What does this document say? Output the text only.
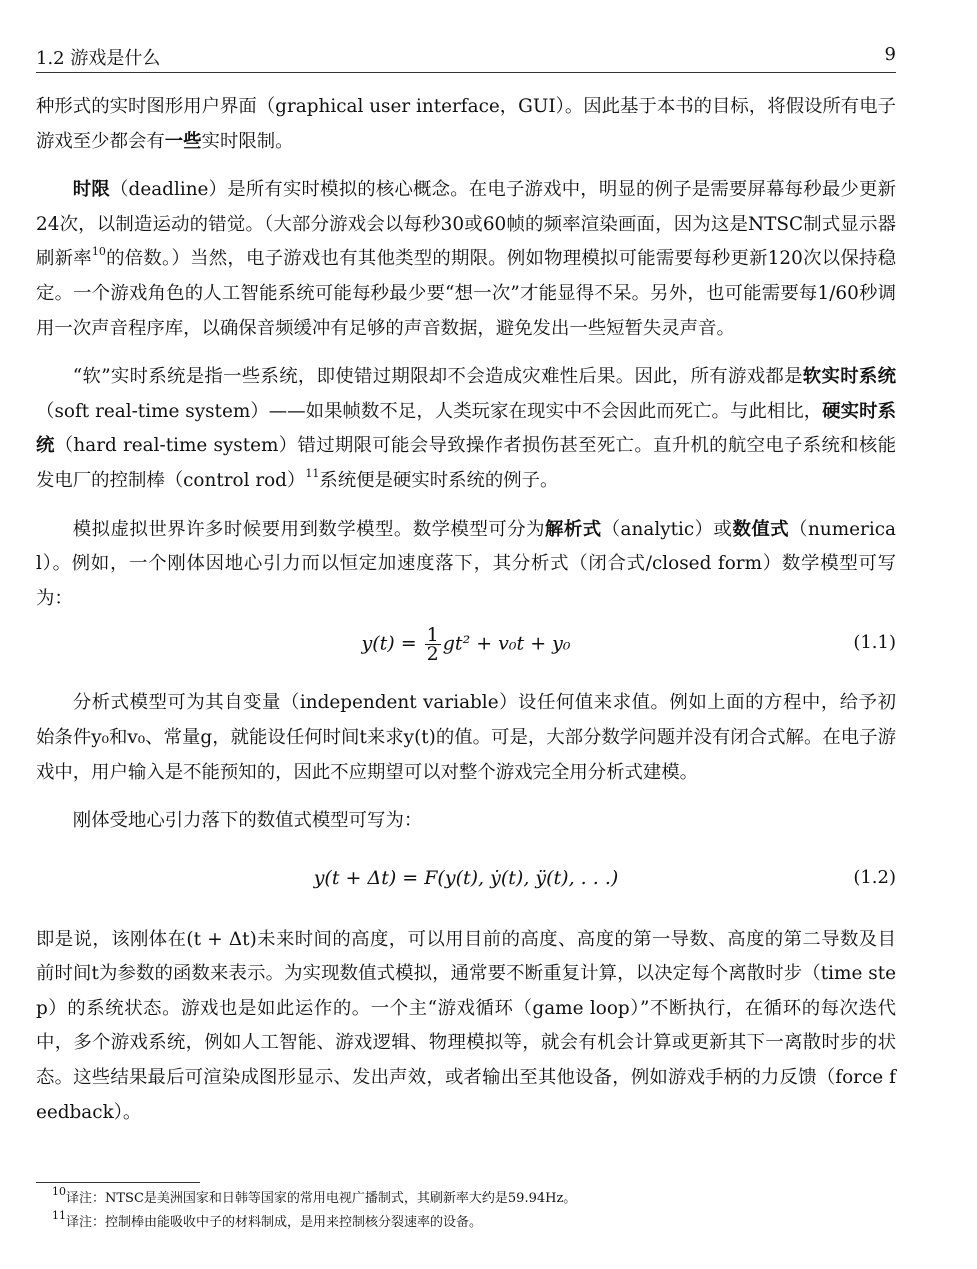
1.2 游戏是什么	9

种形式的实时图形用户界面（graphical user interface，GUI）。因此基于本书的目标，将假设所有电子游戏至少都会有一些实时限制。

时限（deadline）是所有实时模拟的核心概念。在电子游戏中，明显的例子是需要屏幕每秒最少更新24次，以制造运动的错觉。（大部分游戏会以每秒30或60帧的频率渲染画面，因为这是NTSC制式显示器刷新率$^{10}$的倍数。）当然，电子游戏也有其他类型的期限。例如物理模拟可能需要每秒更新120次以保持稳定。一个游戏角色的人工智能系统可能每秒最少要“想一次”才能显得不呆。另外，也可能需要每1/60秒调用一次声音程序库，以确保音频缓冲有足够的声音数据，避免发出一些短暂失灵声音。

“软”实时系统是指一些系统，即使错过期限却不会造成灾难性后果。因此，所有游戏都是软实时系统（soft real-time system）——如果帧数不足，人类玩家在现实中不会因此而死亡。与此相比，硬实时系统（hard real-time system）错过期限可能会导致操作者损伤甚至死亡。直升机的航空电子系统和核能发电厂的控制棒（control rod）$^{11}$系统便是硬实时系统的例子。

模拟虚拟世界许多时候要用到数学模型。数学模型可分为解析式（analytic）或数值式（numerical）。例如，一个刚体因地心引力而以恒定加速度落下，其分析式（闭合式/closed form）数学模型可写为：

$y(t) = \frac{1}{2} gt^2 + v_0t + y_0$	(1.1)

分析式模型可为其自变量（independent variable）设任何值来求值。例如上面的方程中，给予初始条件y₀和v₀、常量g，就能设任何时间t来求y(t)的值。可是，大部分数学问题并没有闭合式解。在电子游戏中，用户输入是不能预知的，因此不应期望可以对整个游戏完全用分析式建模。

刚体受地心引力落下的数值式模型可写为：

y(t + Δt) = F(y(t), ẏ(t), ÿ(t), . . .)	(1.2)

即是说，该刚体在(t + Δt)未来时间的高度，可以用目前的高度、高度的第一导数、高度的第二导数及目前时间t为参数的函数来表示。为实现数值式模拟，通常要不断重复计算，以决定每个离散时步（time step）的系统状态。游戏也是如此运作的。一个主“游戏循环（game loop）”不断执行，在循环的每次迭代中，多个游戏系统，例如人工智能、游戏逻辑、物理模拟等，就会有机会计算或更新其下一离散时步的状态。这些结果最后可渲染成图形显示、发出声效，或者输出至其他设备，例如游戏手柄的力反馈（force feedback）。

$^{10}$译注：NTSC是美洲国家和日韩等国家的常用电视广播制式，其刷新率大约是59.94Hz。
$^{11}$译注：控制棒由能吸收中子的材料制成，是用来控制核分裂速率的设备。
